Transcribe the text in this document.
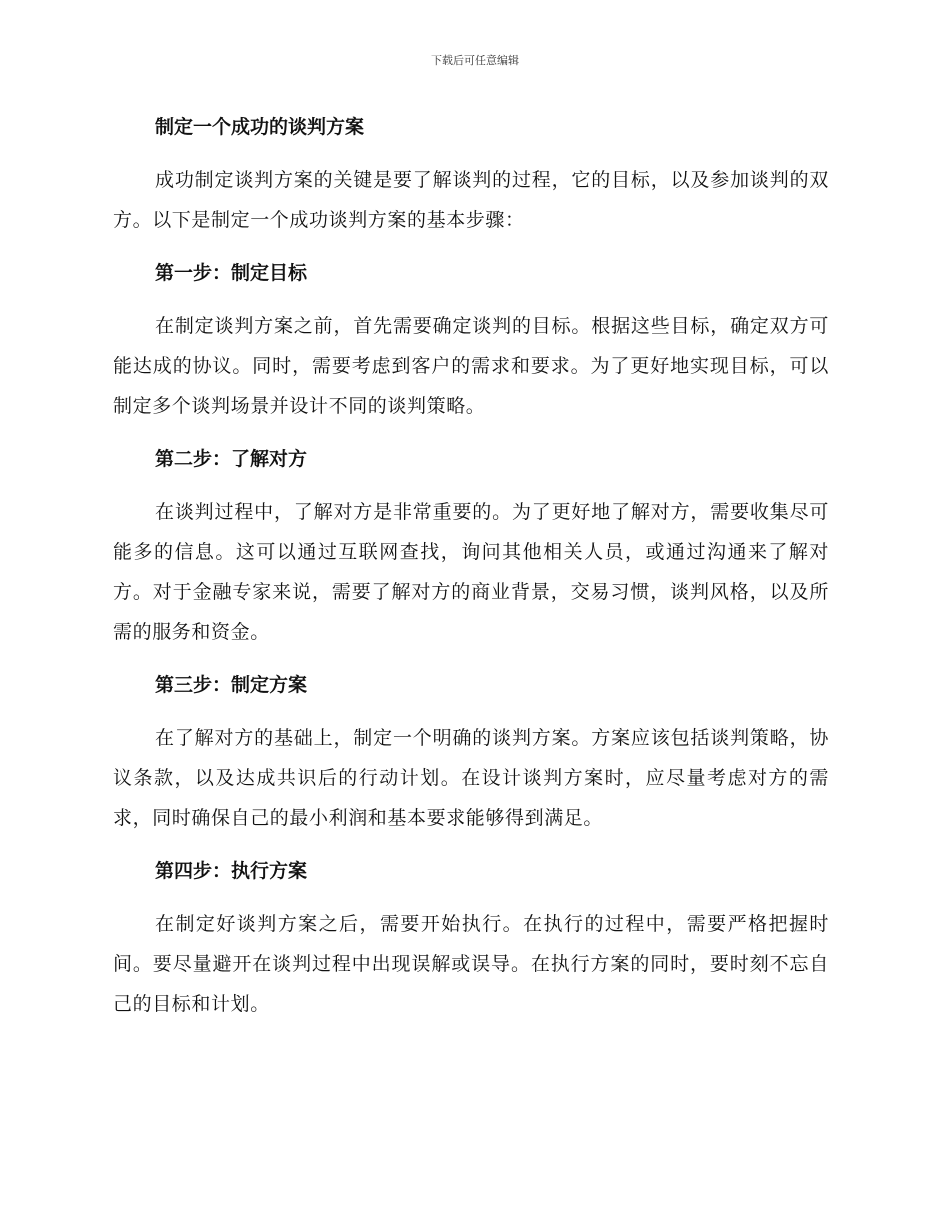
下载后可任意编辑
制定一个成功的谈判方案

成功制定谈判方案的关键是要了解谈判的过程，它的目标，以及参加谈判的双方。以下是制定一个成功谈判方案的基本步骤：

第一步：制定目标

在制定谈判方案之前，首先需要确定谈判的目标。根据这些目标，确定双方可能达成的协议。同时，需要考虑到客户的需求和要求。为了更好地实现目标，可以制定多个谈判场景并设计不同的谈判策略。

第二步：了解对方

在谈判过程中，了解对方是非常重要的。为了更好地了解对方，需要收集尽可能多的信息。这可以通过互联网查找，询问其他相关人员，或通过沟通来了解对方。对于金融专家来说，需要了解对方的商业背景，交易习惯，谈判风格，以及所需的服务和资金。

第三步：制定方案

在了解对方的基础上，制定一个明确的谈判方案。方案应该包括谈判策略，协议条款，以及达成共识后的行动计划。在设计谈判方案时，应尽量考虑对方的需求，同时确保自己的最小利润和基本要求能够得到满足。

第四步：执行方案

在制定好谈判方案之后，需要开始执行。在执行的过程中，需要严格把握时间。要尽量避开在谈判过程中出现误解或误导。在执行方案的同时，要时刻不忘自己的目标和计划。
